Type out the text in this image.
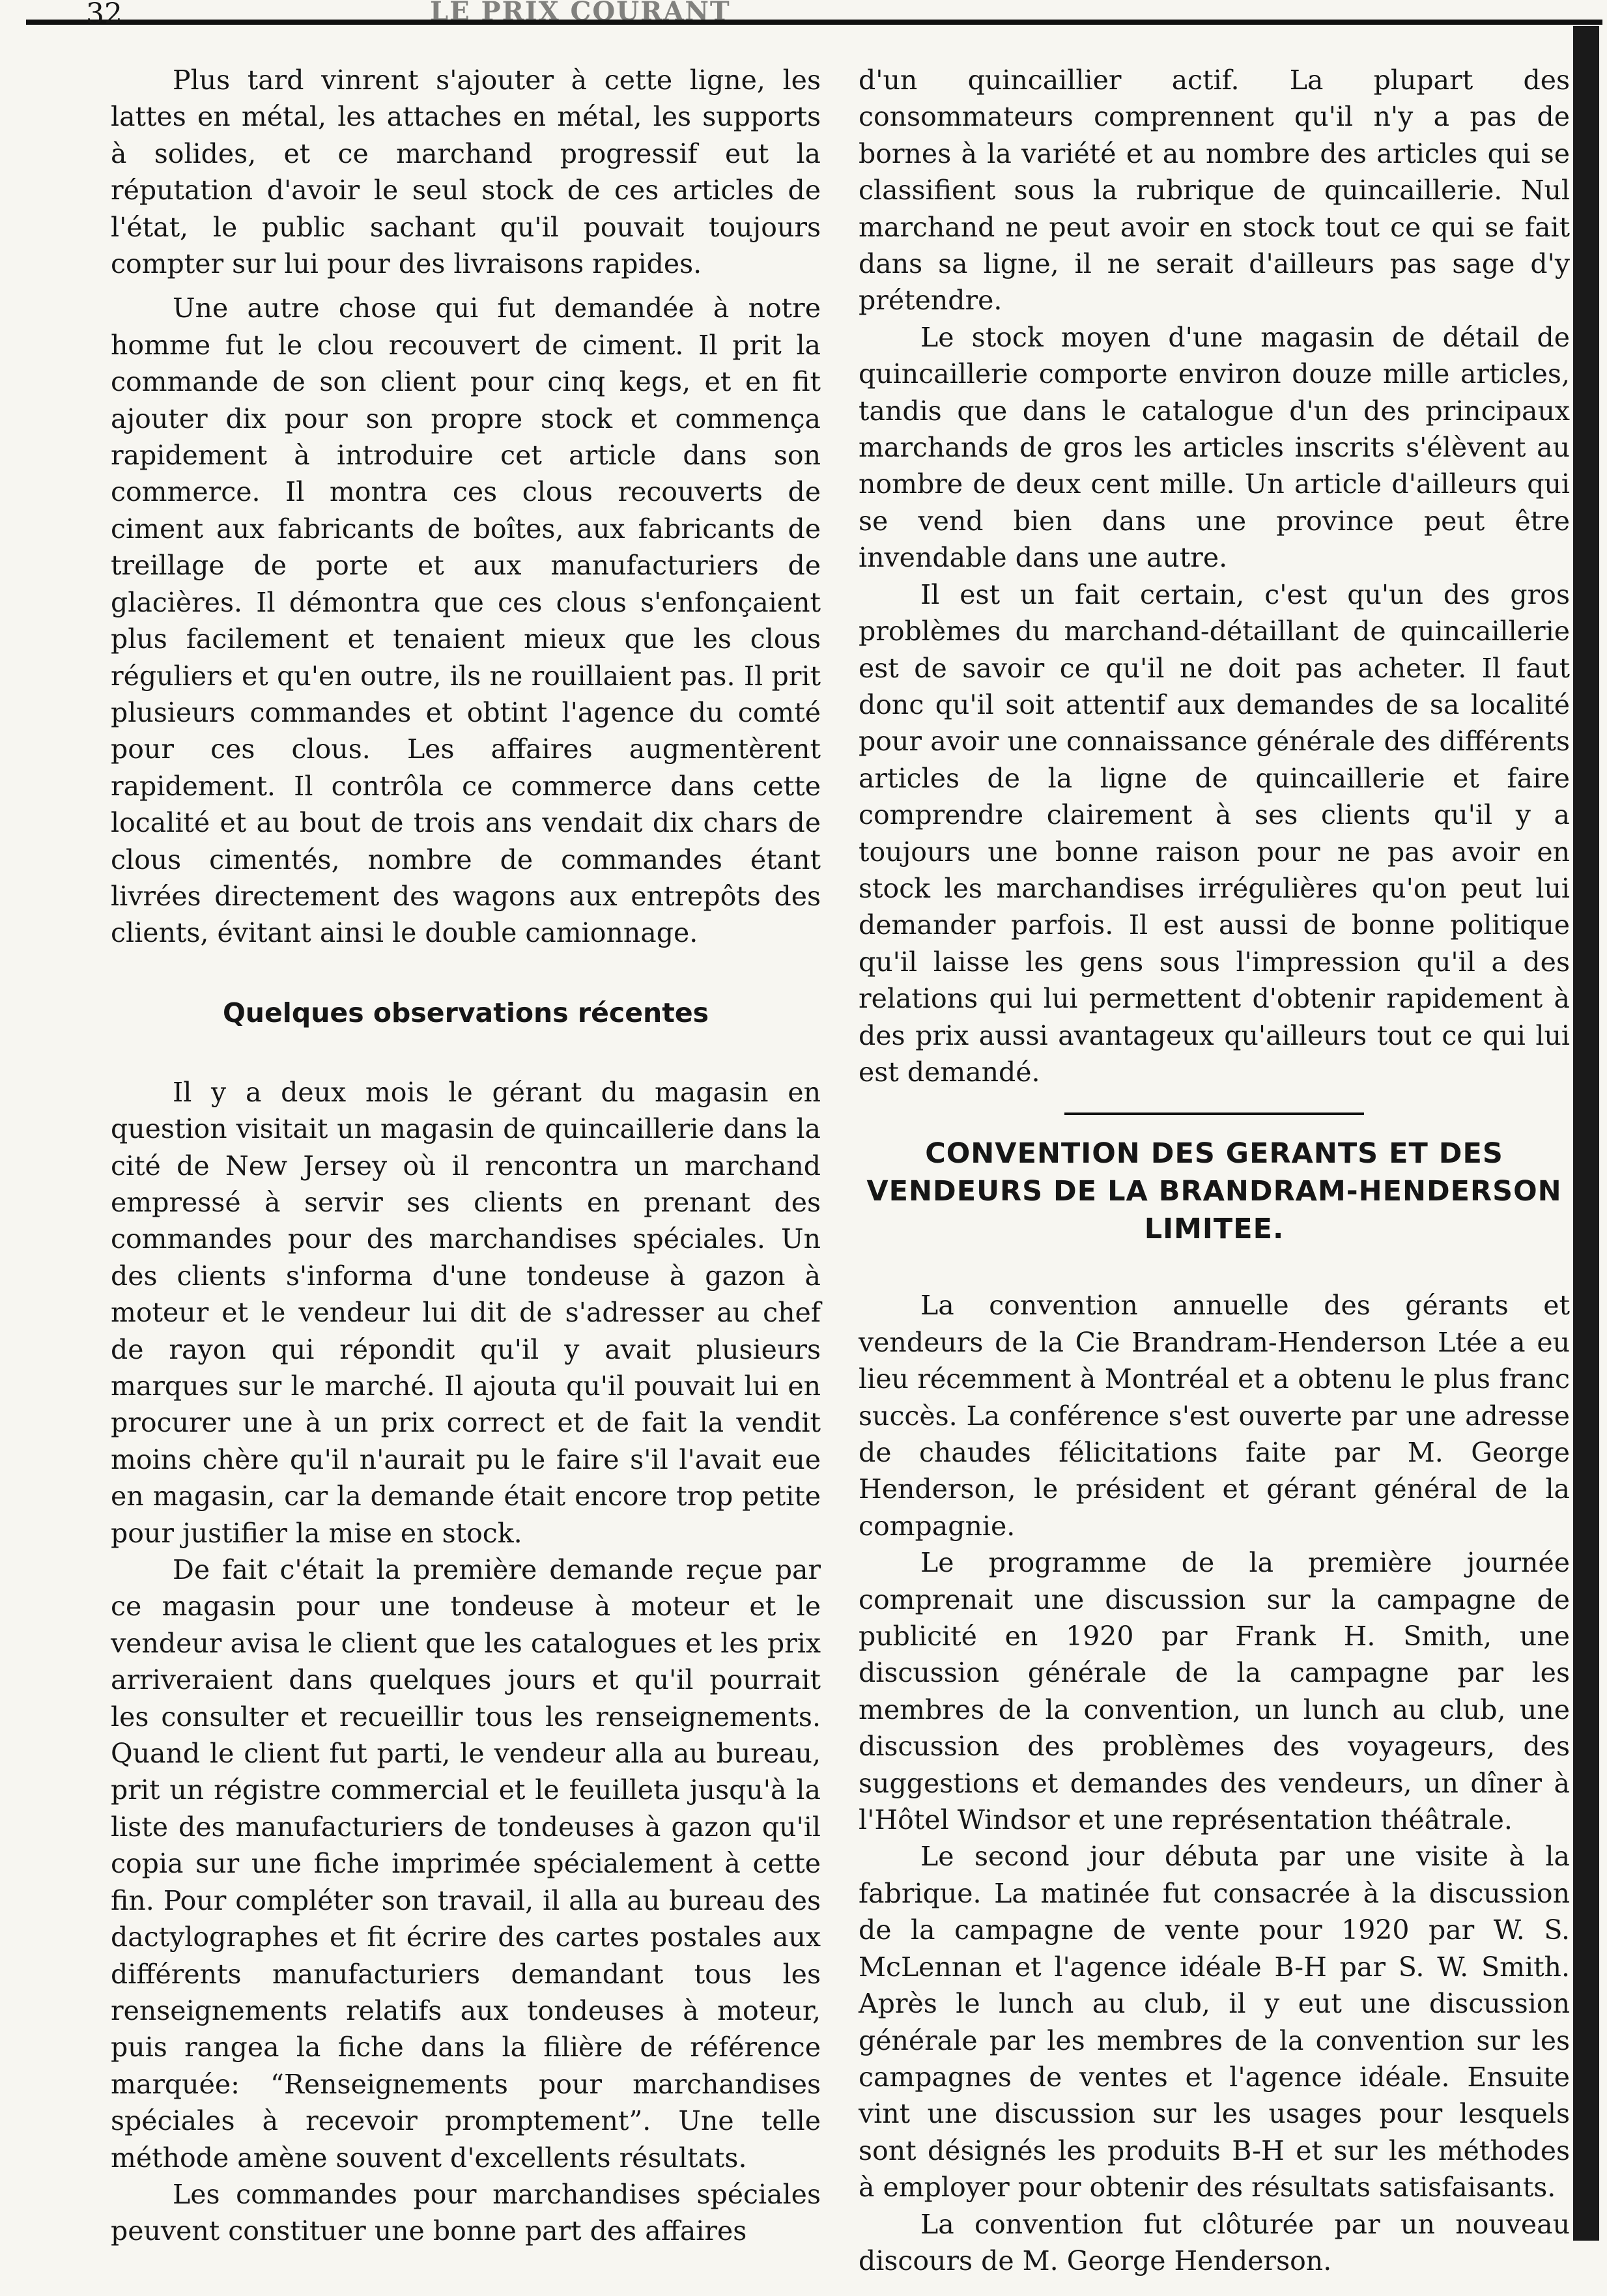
32	LE PRIX COURANT

Plus tard vinrent s'ajouter à cette ligne, les lattes en métal, les attaches en métal, les supports à solides, et ce marchand progressif eut la réputation d'avoir le seul stock de ces articles de l'état, le public sachant qu'il pouvait toujours compter sur lui pour des livraisons rapides.

Une autre chose qui fut demandée à notre homme fut le clou recouvert de ciment. Il prit la commande de son client pour cinq kegs, et en fit ajouter dix pour son propre stock et commença rapidement à introduire cet article dans son commerce. Il montra ces clous recouverts de ciment aux fabricants de boîtes, aux fabricants de treillage de porte et aux manufacturiers de glacières. Il démontra que ces clous s'enfonçaient plus facilement et tenaient mieux que les clous réguliers et qu'en outre, ils ne rouillaient pas. Il prit plusieurs commandes et obtint l'agence du comté pour ces clous. Les affaires augmentèrent rapidement. Il contrôla ce commerce dans cette localité et au bout de trois ans vendait dix chars de clous cimentés, nombre de commandes étant livrées directement des wagons aux entrepôts des clients, évitant ainsi le double camionnage.

Quelques observations récentes

Il y a deux mois le gérant du magasin en question visitait un magasin de quincaillerie dans la cité de New Jersey où il rencontra un marchand empressé à servir ses clients en prenant des commandes pour des marchandises spéciales. Un des clients s'informa d'une tondeuse à gazon à moteur et le vendeur lui dit de s'adresser au chef de rayon qui répondit qu'il y avait plusieurs marques sur le marché. Il ajouta qu'il pouvait lui en procurer une à un prix correct et de fait la vendit moins chère qu'il n'aurait pu le faire s'il l'avait eue en magasin, car la demande était encore trop petite pour justifier la mise en stock.

De fait c'était la première demande reçue par ce magasin pour une tondeuse à moteur et le vendeur avisa le client que les catalogues et les prix arriveraient dans quelques jours et qu'il pourrait les consulter et recueillir tous les renseignements. Quand le client fut parti, le vendeur alla au bureau, prit un régistre commercial et le feuilleta jusqu'à la liste des manufacturiers de tondeuses à gazon qu'il copia sur une fiche imprimée spécialement à cette fin. Pour compléter son travail, il alla au bureau des dactylographes et fit écrire des cartes postales aux différents manufacturiers demandant tous les renseignements relatifs aux tondeuses à moteur, puis rangea la fiche dans la filière de référence marquée: “Renseignements pour marchandises spéciales à recevoir promptement”. Une telle méthode amène souvent d'excellents résultats.

Les commandes pour marchandises spéciales peuvent constituer une bonne part des affaires

d'un quincaillier actif. La plupart des consommateurs comprennent qu'il n'y a pas de bornes à la variété et au nombre des articles qui se classifient sous la rubrique de quincaillerie. Nul marchand ne peut avoir en stock tout ce qui se fait dans sa ligne, il ne serait d'ailleurs pas sage d'y prétendre.

Le stock moyen d'une magasin de détail de quincaillerie comporte environ douze mille articles, tandis que dans le catalogue d'un des principaux marchands de gros les articles inscrits s'élèvent au nombre de deux cent mille. Un article d'ailleurs qui se vend bien dans une province peut être invendable dans une autre.

Il est un fait certain, c'est qu'un des gros problèmes du marchand-détaillant de quincaillerie est de savoir ce qu'il ne doit pas acheter. Il faut donc qu'il soit attentif aux demandes de sa localité pour avoir une connaissance générale des différents articles de la ligne de quincaillerie et faire comprendre clairement à ses clients qu'il y a toujours une bonne raison pour ne pas avoir en stock les marchandises irrégulières qu'on peut lui demander parfois. Il est aussi de bonne politique qu'il laisse les gens sous l'impression qu'il a des relations qui lui permettent d'obtenir rapidement à des prix aussi avantageux qu'ailleurs tout ce qui lui est demandé.

CONVENTION DES GERANTS ET DES VENDEURS DE LA BRANDRAM-HENDERSON LIMITEE.

La convention annuelle des gérants et vendeurs de la Cie Brandram-Henderson Ltée a eu lieu récemment à Montréal et a obtenu le plus franc succès. La conférence s'est ouverte par une adresse de chaudes félicitations faite par M. George Henderson, le président et gérant général de la compagnie.

Le programme de la première journée comprenait une discussion sur la campagne de publicité en 1920 par Frank H. Smith, une discussion générale de la campagne par les membres de la convention, un lunch au club, une discussion des problèmes des voyageurs, des suggestions et demandes des vendeurs, un dîner à l'Hôtel Windsor et une représentation théâtrale.

Le second jour débuta par une visite à la fabrique. La matinée fut consacrée à la discussion de la campagne de vente pour 1920 par W. S. McLennan et l'agence idéale B-H par S. W. Smith. Après le lunch au club, il y eut une discussion générale par les membres de la convention sur les campagnes de ventes et l'agence idéale. Ensuite vint une discussion sur les usages pour lesquels sont désignés les produits B-H et sur les méthodes à employer pour obtenir des résultats satisfaisants.

La convention fut clôturée par un nouveau discours de M. George Henderson.
